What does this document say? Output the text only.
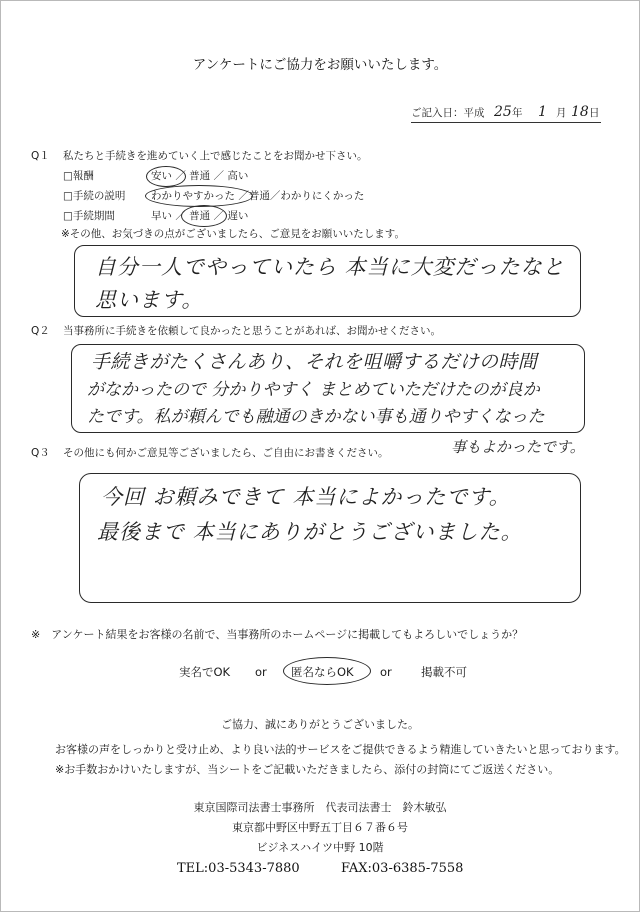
アンケートにご協力をお願いいたします。
ご記入日：平成 25 年 1 月 18 日
Q１ 私たちと手続きを進めていく上で感じたことをお聞かせ下さい。
□報酬	安い ／ 普通 ／ 高い
□手続の説明 わかりやすかった ／普通／わかりにくかった
□手続期間	早い ／ 普通 ／ 遅い
※その他、お気づきの点がございましたら、ご意見をお願いいたします。
自分一人でやっていたら 本当に大変だったなと
思います。
Q２ 当事務所に手続きを依頼して良かったと思うことがあれば、お聞かせください。
手続きがたくさんあり、それを咀嚼するだけの時間
がなかったので 分かりやすく まとめていただけたのが良か
たです。私が頼んでも融通のきかない事も通りやすくなった
事もよかったです。
Q３ その他にも何かご意見等ございましたら、ご自由にお書きください。
今回 お頼みできて 本当によかったです。
最後まで 本当にありがとうございました。
※　アンケート結果をお客様の名前で、当事務所のホームページに掲載してもよろしいでしょうか？
実名でOK or 匿名ならOK or	掲載不可
ご協力、誠にありがとうございました。
お客様の声をしっかりと受け止め、より良い法的サービスをご提供できるよう精進していきたいと思っております。
※お手数おかけいたしますが、当シートをご記載いただきましたら、添付の封筒にてご返送ください。
東京国際司法書士事務所　代表司法書士　鈴木敏弘
東京都中野区中野五丁目６７番６号
ビジネスハイツ中野 10階
TEL:03-5343-7880	FAX:03-6385-7558
